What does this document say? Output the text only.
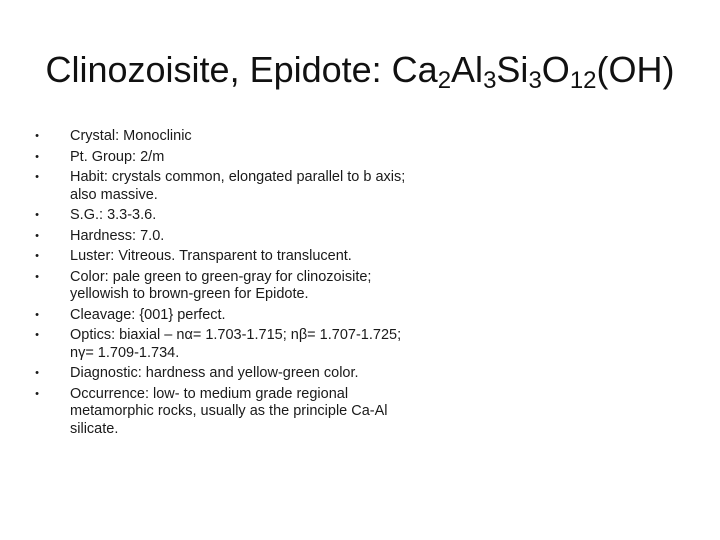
Clinozoisite, Epidote: $Ca_2Al_3Si_3O_{12}(OH)$
• Crystal: Monoclinic
• Pt. Group: 2/m
• Habit: crystals common, elongated parallel to b axis; also massive.
• S.G.: 3.3-3.6.
• Hardness: 7.0.
• Luster: Vitreous. Transparent to translucent.
• Color: pale green to green-gray for clinozoisite; yellowish to brown-green for Epidote.
• Cleavage: {001} perfect.
• Optics: biaxial – nα= 1.703-1.715; nβ= 1.707-1.725; nγ= 1.709-1.734.
• Diagnostic: hardness and yellow-green color.
• Occurrence: low- to medium grade regional metamorphic rocks, usually as the principle Ca-Al silicate.
